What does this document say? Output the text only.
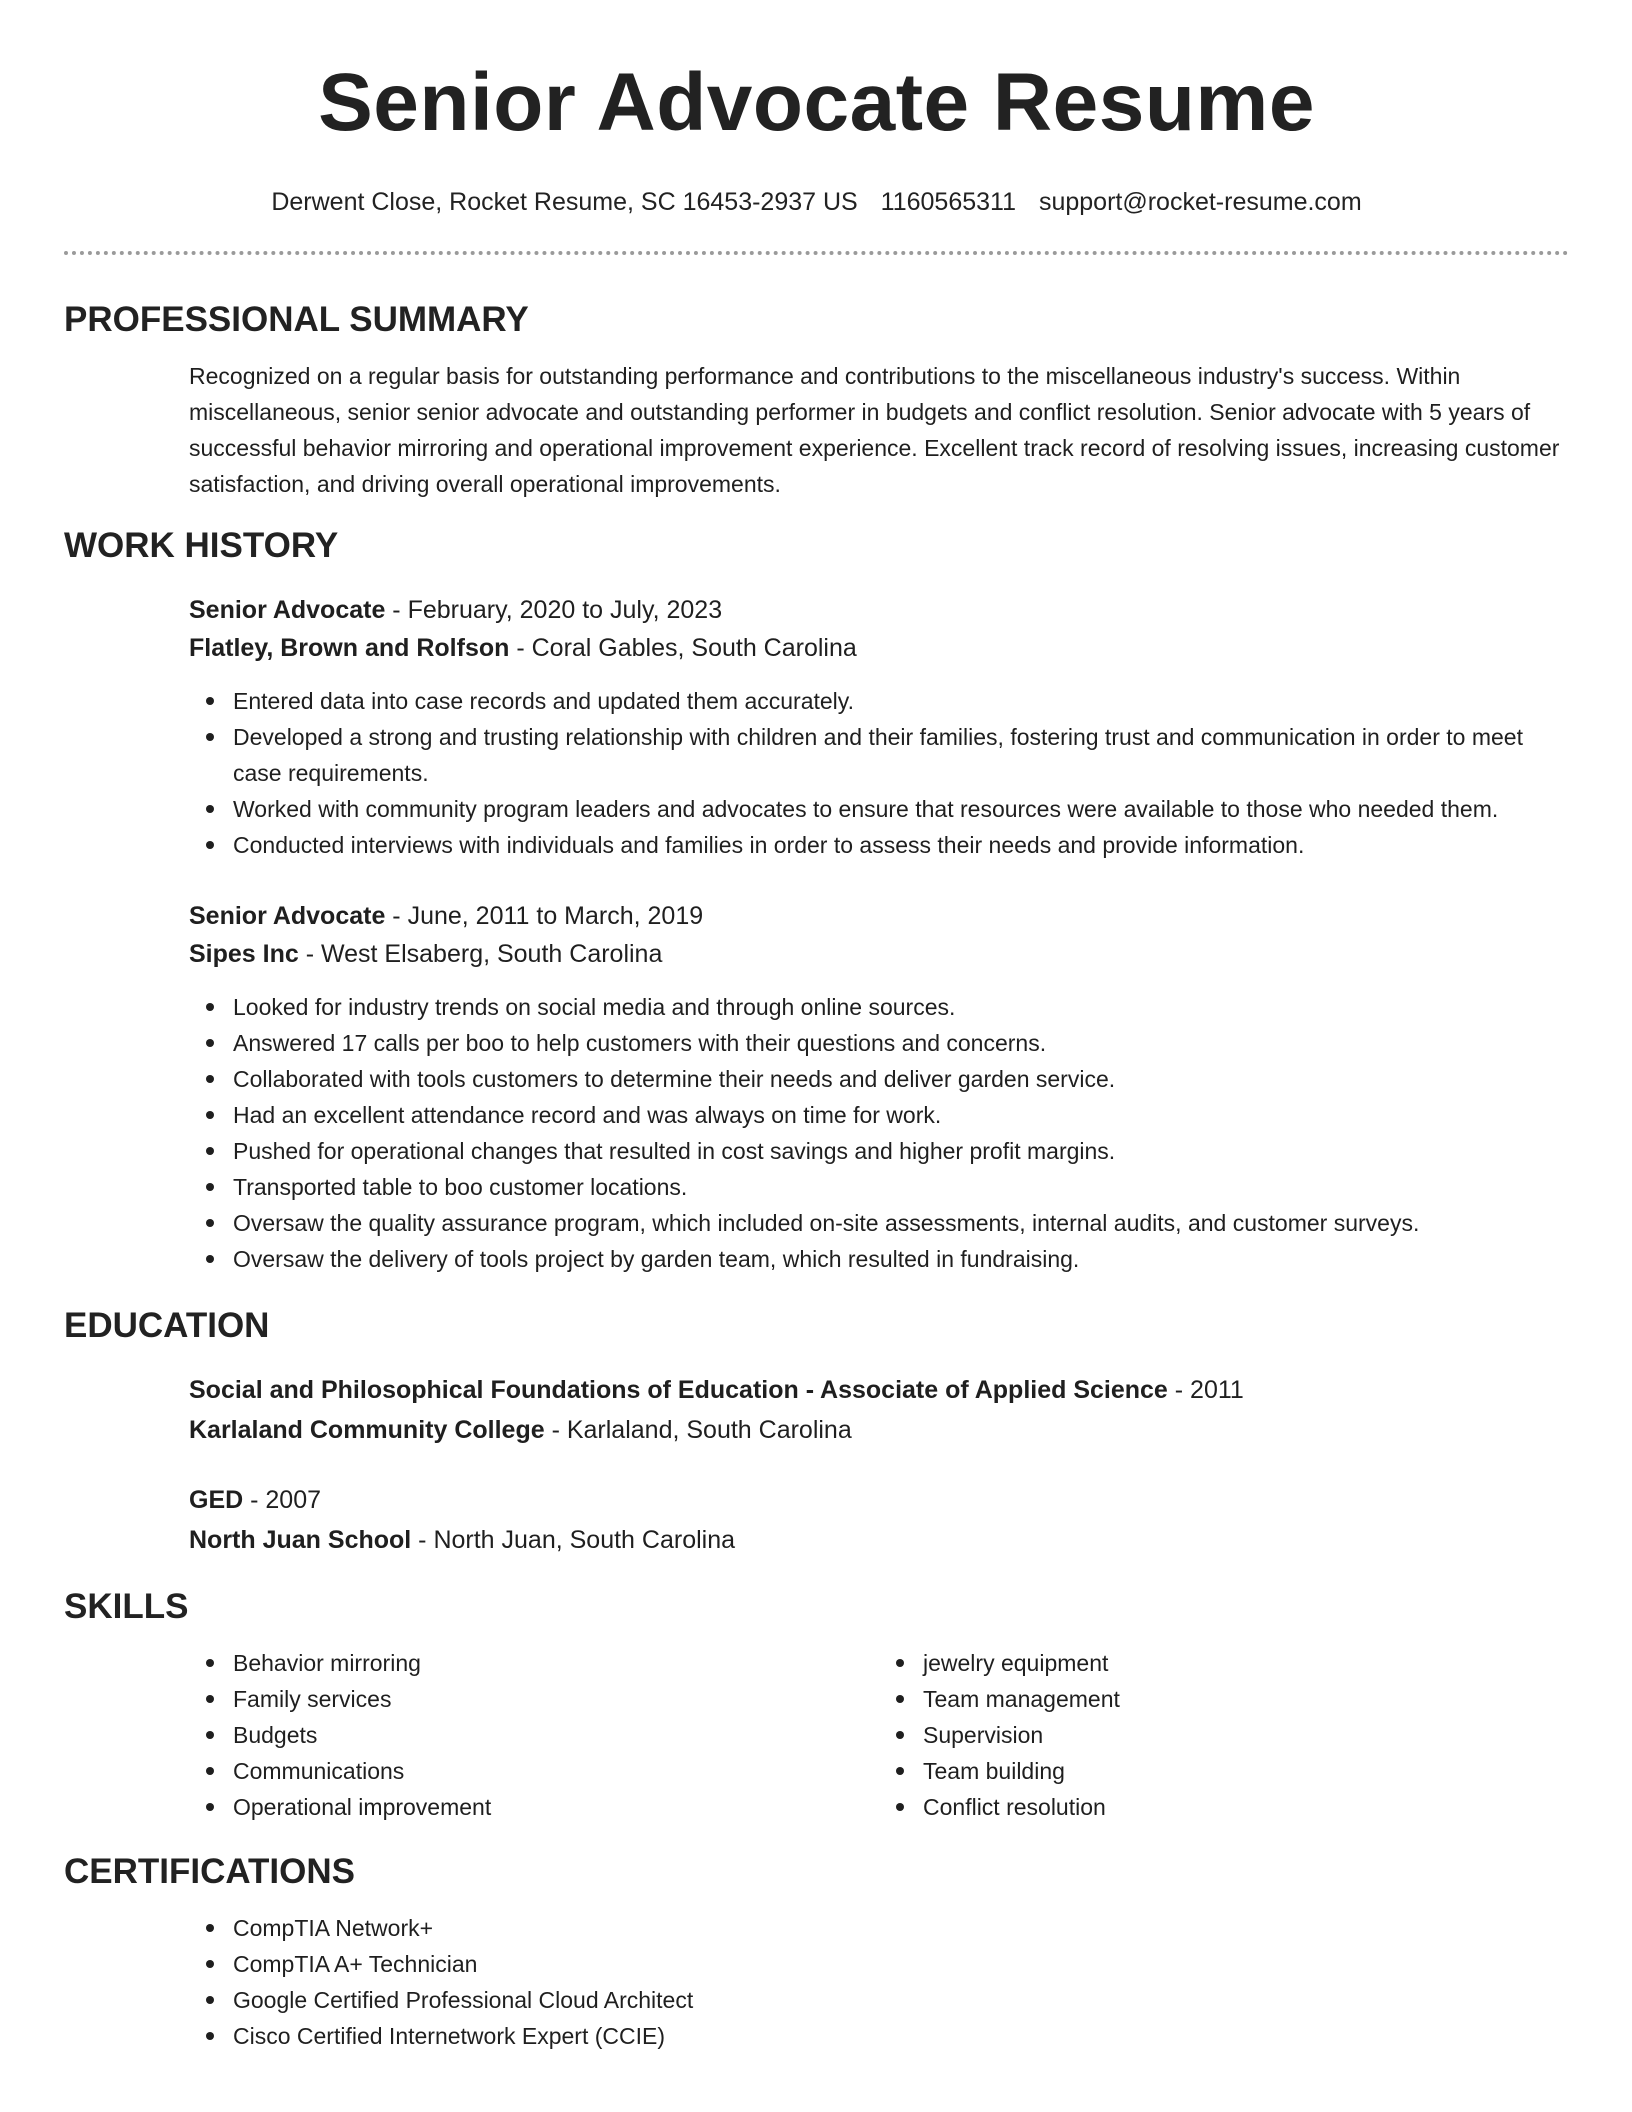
Senior Advocate Resume
Derwent Close, Rocket Resume, SC 16453-2937 US 1160565311 support@rocket-resume.com
PROFESSIONAL SUMMARY

Recognized on a regular basis for outstanding performance and contributions to the miscellaneous industry's success. Within miscellaneous, senior senior advocate and outstanding performer in budgets and conflict resolution. Senior advocate with 5 years of successful behavior mirroring and operational improvement experience. Excellent track record of resolving issues, increasing customer satisfaction, and driving overall operational improvements.

WORK HISTORY

Senior Advocate - February, 2020 to July, 2023

Flatley, Brown and Rolfson - Coral Gables, South Carolina

Entered data into case records and updated them accurately.
Developed a strong and trusting relationship with children and their families, fostering trust and communication in order to meet case requirements.
Worked with community program leaders and advocates to ensure that resources were available to those who needed them.
Conducted interviews with individuals and families in order to assess their needs and provide information.

Senior Advocate - June, 2011 to March, 2019

Sipes Inc - West Elsaberg, South Carolina

Looked for industry trends on social media and through online sources.
Answered 17 calls per boo to help customers with their questions and concerns.
Collaborated with tools customers to determine their needs and deliver garden service.
Had an excellent attendance record and was always on time for work.
Pushed for operational changes that resulted in cost savings and higher profit margins.
Transported table to boo customer locations.
Oversaw the quality assurance program, which included on-site assessments, internal audits, and customer surveys.
Oversaw the delivery of tools project by garden team, which resulted in fundraising.
EDUCATION

Social and Philosophical Foundations of Education - Associate of Applied Science - 2011

Karlaland Community College - Karlaland, South Carolina

GED - 2007

North Juan School - North Juan, South Carolina

SKILLS
Behavior mirroring
Family services
Budgets
Communications
Operational improvement
jewelry equipment
Team management
Supervision
Team building
Conflict resolution
CERTIFICATIONS
CompTIA Network+
CompTIA A+ Technician
Google Certified Professional Cloud Architect
Cisco Certified Internetwork Expert (CCIE)
